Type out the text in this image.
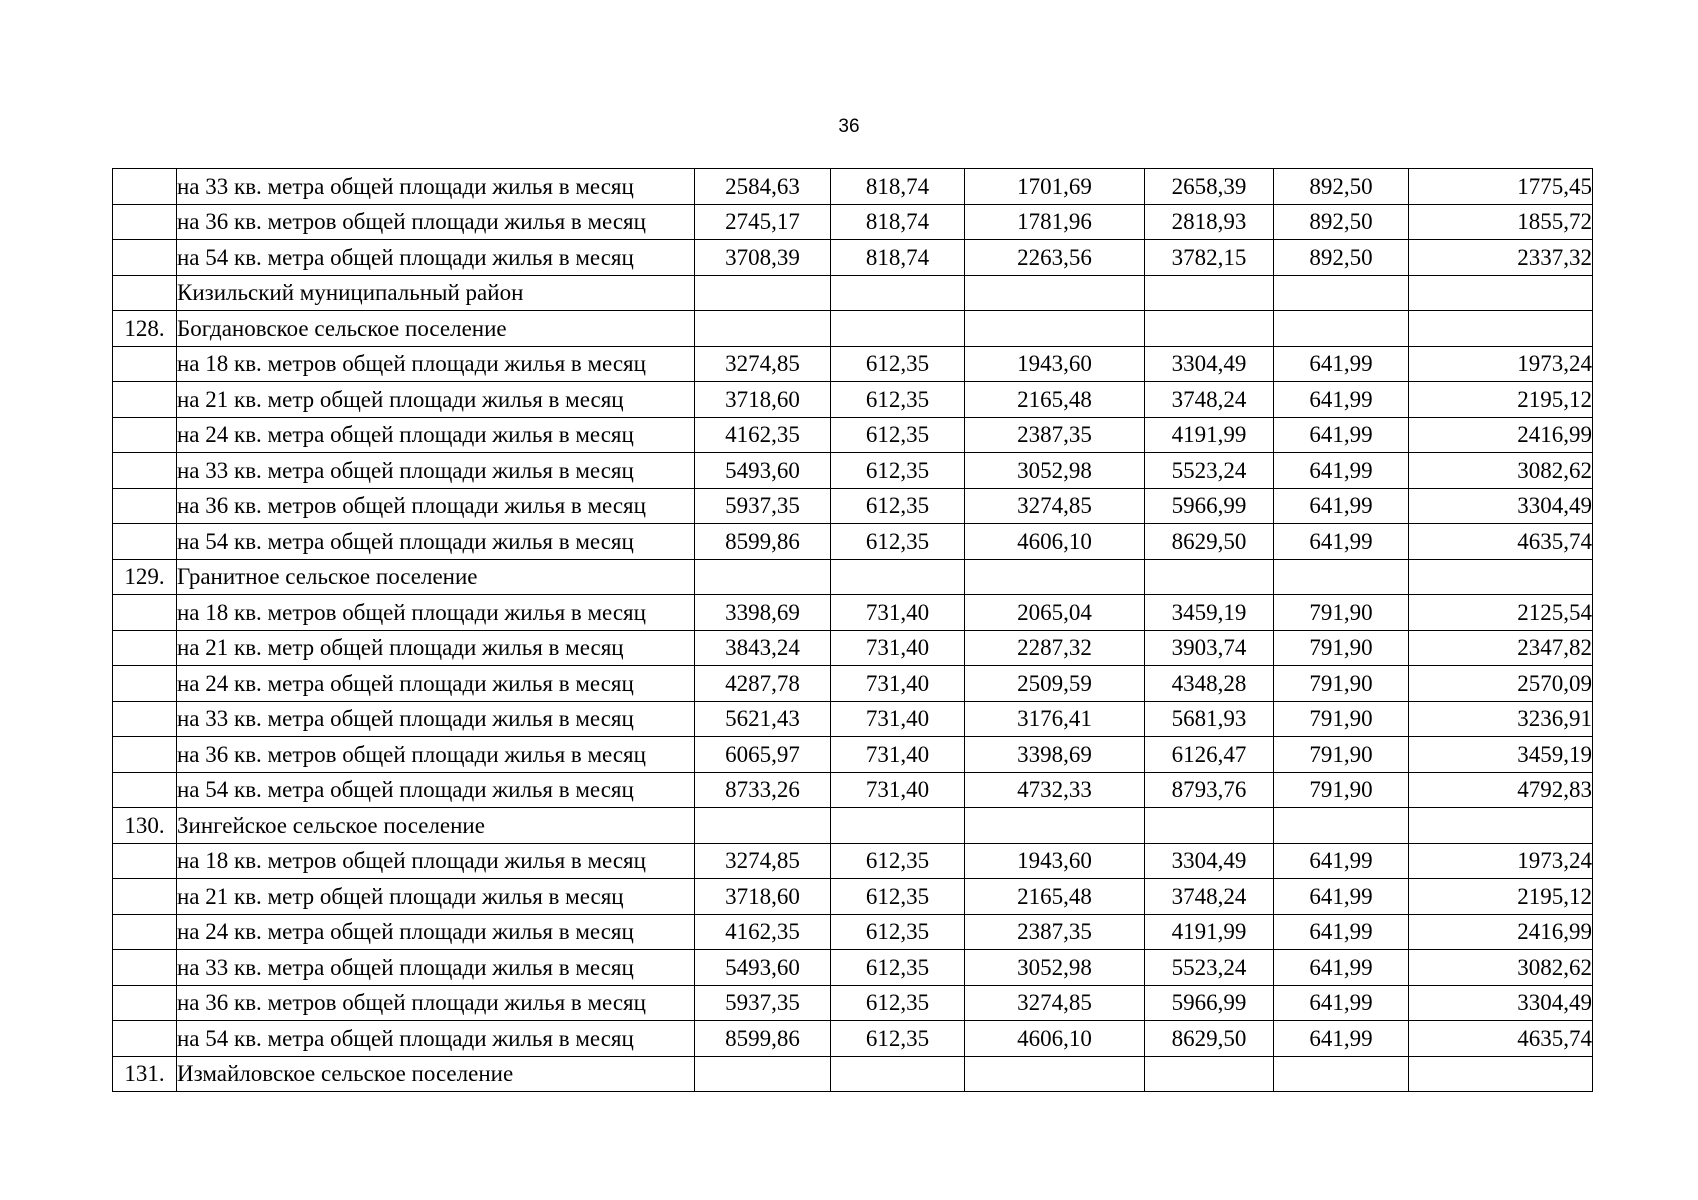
36
	на 33 кв. метра общей площади жилья в месяц	2584,63	818,74	1701,69	2658,39	892,50	1775,45
	на 36 кв. метров общей площади жилья в месяц	2745,17	818,74	1781,96	2818,93	892,50	1855,72
	на 54 кв. метра общей площади жилья в месяц	3708,39	818,74	2263,56	3782,15	892,50	2337,32
	Кизильский муниципальный район						
128.	Богдановское сельское поселение						
	на 18 кв. метров общей площади жилья в месяц	3274,85	612,35	1943,60	3304,49	641,99	1973,24
	на 21 кв. метр общей площади жилья в месяц	3718,60	612,35	2165,48	3748,24	641,99	2195,12
	на 24 кв. метра общей площади жилья в месяц	4162,35	612,35	2387,35	4191,99	641,99	2416,99
	на 33 кв. метра общей площади жилья в месяц	5493,60	612,35	3052,98	5523,24	641,99	3082,62
	на 36 кв. метров общей площади жилья в месяц	5937,35	612,35	3274,85	5966,99	641,99	3304,49
	на 54 кв. метра общей площади жилья в месяц	8599,86	612,35	4606,10	8629,50	641,99	4635,74
129.	Гранитное сельское поселение						
	на 18 кв. метров общей площади жилья в месяц	3398,69	731,40	2065,04	3459,19	791,90	2125,54
	на 21 кв. метр общей площади жилья в месяц	3843,24	731,40	2287,32	3903,74	791,90	2347,82
	на 24 кв. метра общей площади жилья в месяц	4287,78	731,40	2509,59	4348,28	791,90	2570,09
	на 33 кв. метра общей площади жилья в месяц	5621,43	731,40	3176,41	5681,93	791,90	3236,91
	на 36 кв. метров общей площади жилья в месяц	6065,97	731,40	3398,69	6126,47	791,90	3459,19
	на 54 кв. метра общей площади жилья в месяц	8733,26	731,40	4732,33	8793,76	791,90	4792,83
130.	Зингейское сельское поселение						
	на 18 кв. метров общей площади жилья в месяц	3274,85	612,35	1943,60	3304,49	641,99	1973,24
	на 21 кв. метр общей площади жилья в месяц	3718,60	612,35	2165,48	3748,24	641,99	2195,12
	на 24 кв. метра общей площади жилья в месяц	4162,35	612,35	2387,35	4191,99	641,99	2416,99
	на 33 кв. метра общей площади жилья в месяц	5493,60	612,35	3052,98	5523,24	641,99	3082,62
	на 36 кв. метров общей площади жилья в месяц	5937,35	612,35	3274,85	5966,99	641,99	3304,49
	на 54 кв. метра общей площади жилья в месяц	8599,86	612,35	4606,10	8629,50	641,99	4635,74
131.	Измайловское сельское поселение						
